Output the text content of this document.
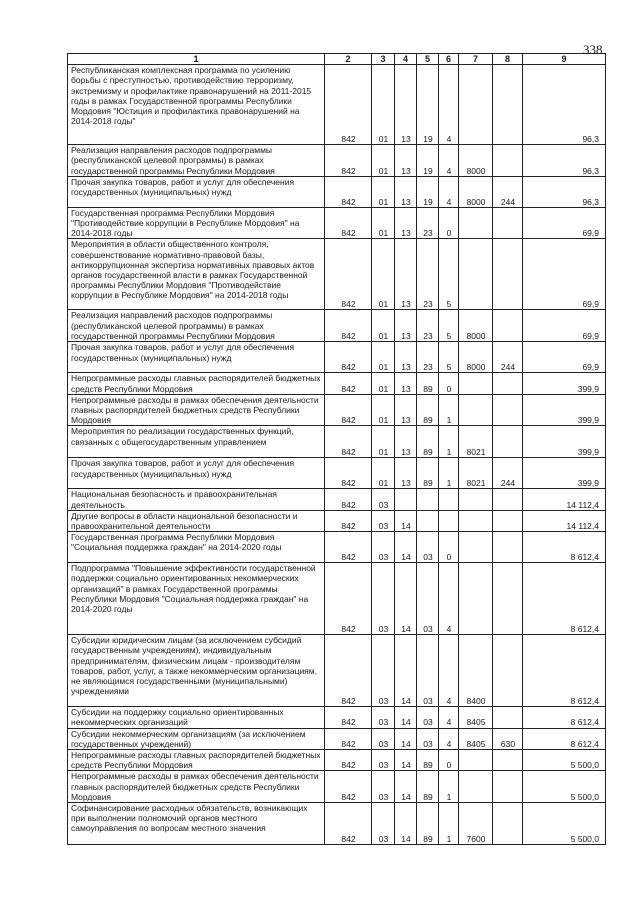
338
1	2	3	4	5	6	7	8	9
Республиканская комплексная программа по усилению борьбы с преступностью, противодействию терроризму, экстремизму и профилактике правонарушений на 2011-2015 годы в рамках Государственной программы Республики Мордовия "Юстиция и профилактика правонарушений на 2014-2018 годы"	842	01	13	19	4			96,3
Реализация направления расходов подпрограммы (республиканской целевой программы) в рамках государственной программы Республики Мордовия	842	01	13	19	4	8000		96,3
Прочая закупка товаров, работ и услуг для обеспечения государственных (муниципальных) нужд	842	01	13	19	4	8000	244	96,3
Государственная программа Республики Мордовия "Противодействие коррупции в Республике Мордовия" на 2014-2018 годы	842	01	13	23	0			69,9
Мероприятия в области общественного контроля, совершенствование нормативно-правовой базы, антикоррупционная экспертиза нормативных правовых актов органов государственной власти в рамках Государственной программы Республики Мордовия "Противодействие коррупции в Республике Мордовия" на 2014-2018 годы	842	01	13	23	5			69,9
Реализация направлений расходов подпрограммы (республиканской целевой программы) в рамках государственной программы Республики Мордовия	842	01	13	23	5	8000		69,9
Прочая закупка товаров, работ и услуг для обеспечения государственных (муниципальных) нужд	842	01	13	23	5	8000	244	69,9
Непрограммные расходы главных распорядителей бюджетных средств Республики Мордовия	842	01	13	89	0			399,9
Непрограммные расходы в рамках обеспечения деятельности главных распорядителей бюджетных средств Республики Мордовия	842	01	13	89	1			399,9
Мероприятия по реализации государственных функций, связанных с общегосударственным управлением	842	01	13	89	1	8021		399,9
Прочая закупка товаров, работ и услуг для обеспечения государственных (муниципальных) нужд	842	01	13	89	1	8021	244	399,9
Национальная безопасность и правоохранительная деятельность	842	03						14 112,4
Другие вопросы в области национальной безопасности и правоохранительной деятельности	842	03	14					14 112,4
Государственная программа Республики Мордовия "Социальная поддержка граждан" на 2014-2020 годы	842	03	14	03	0			8 612,4
Подпрограмма "Повышение эффективности государственной поддержки социально ориентированных некоммерческих организаций" в рамках Государственной программы Республики Мордовия "Социальная поддержка граждан" на 2014-2020 годы	842	03	14	03	4			8 612,4
Субсидии юридическим лицам (за исключением субсидий государственным учреждениям), индивидуальным предпринимателям, физическим лицам - производителям товаров, работ, услуг, а также некоммерческим организациям, не являющимся государственными (муниципальными) учреждениями	842	03	14	03	4	8400		8 612,4
Субсидии на поддержку социально ориентированных некоммерческих организаций	842	03	14	03	4	8405		8 612,4
Субсидии некоммерческим организациям (за исключением государственных учреждений)	842	03	14	03	4	8405	630	8 612,4
Непрограммные расходы главных распорядителей бюджетных средств Республики Мордовия	842	03	14	89	0			5 500,0
Непрограммные расходы в рамках обеспечения деятельности главных распорядителей бюджетных средств Республики Мордовия	842	03	14	89	1			5 500,0
Софинансирование расходных обязательств, возникающих при выполнении полномочий органов местного самоуправления по вопросам местного значения	842	03	14	89	1	7600		5 500,0
